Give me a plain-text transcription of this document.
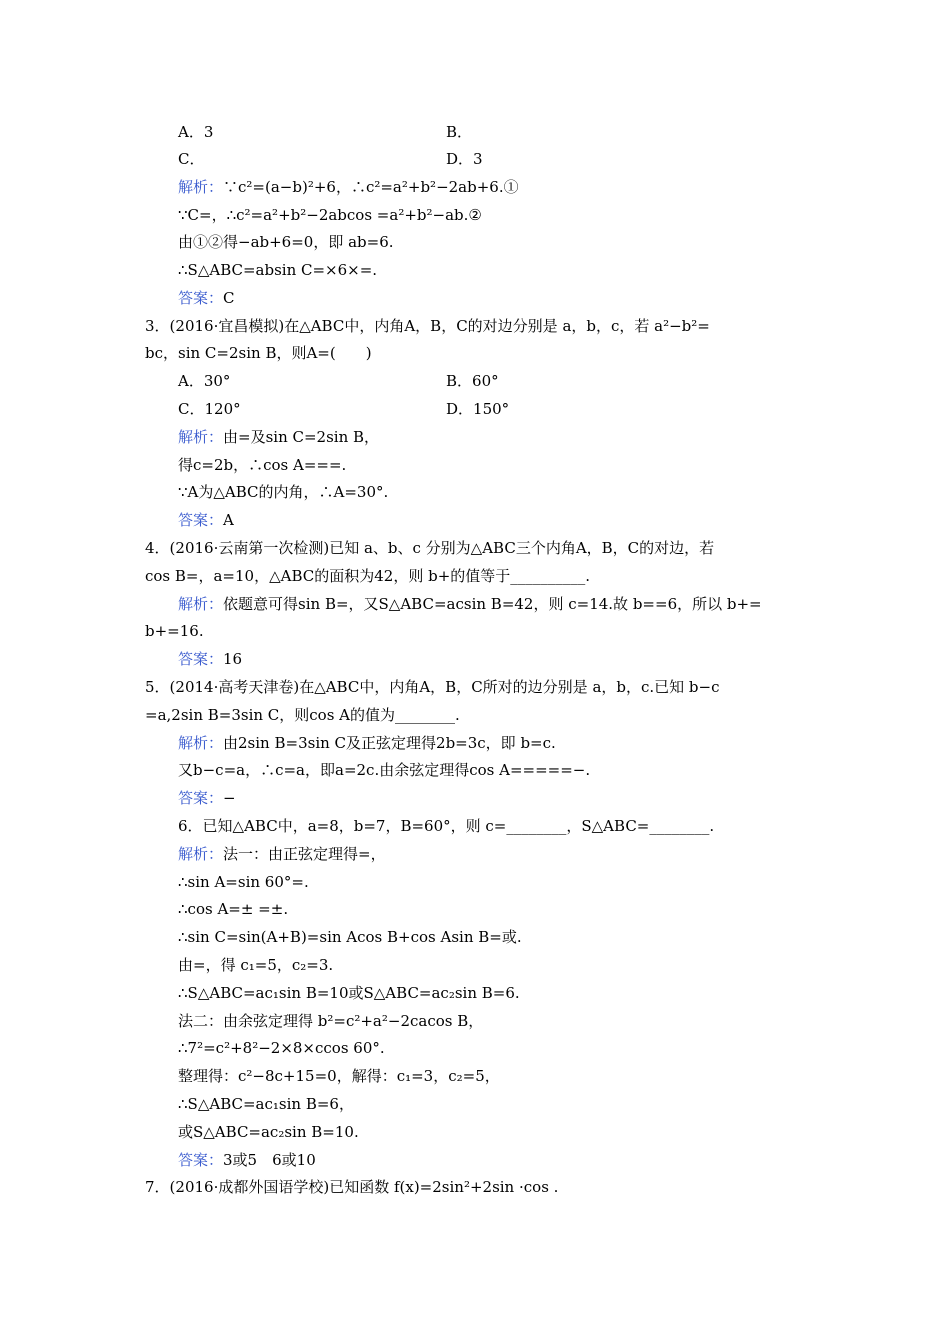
A．3	B．
C．	D．3
解析：∵c²=(a−b)²+6，∴c²=a²+b²−2ab+6.①
∵C=，∴c²=a²+b²−2abcos =a²+b²−ab.②
由①②得−ab+6=0，即 ab=6.
∴S△ABC=absin C=×6×=.
答案：C
3．(2016·宜昌模拟)在△ABC中，内角A，B，C的对边分别是 a，b，c，若 a²−b²=
bc，sin C=2sin B，则A=(　　)
A．30°	B．60°
C．120°	D．150°
解析：由=及sin C=2sin B，
得c=2b，∴cos A===.
∵A为△ABC的内角，∴A=30°.
答案：A
4．(2016·云南第一次检测)已知 a、b、c 分别为△ABC三个内角A，B，C的对边，若
cos B=，a=10，△ABC的面积为42，则 b+的值等于__________.
解析：依题意可得sin B=，又S△ABC=acsin B=42，则 c=14.故 b==6，所以 b+=
b+=16.
答案：16
5．(2014·高考天津卷)在△ABC中，内角A，B，C所对的边分别是 a，b，c.已知 b−c
=a,2sin B=3sin C，则cos A的值为________.
解析：由2sin B=3sin C及正弦定理得2b=3c，即 b=c.
又b−c=a，∴c=a，即a=2c.由余弦定理得cos A=====−.
答案：−
6．已知△ABC中，a=8，b=7，B=60°，则 c=________，S△ABC=________.
解析：法一：由正弦定理得=，
∴sin A=sin 60°=.
∴cos A=± =±.
∴sin C=sin(A+B)=sin Acos B+cos Asin B=或.
由=，得 c₁=5，c₂=3.
∴S△ABC=ac₁sin B=10或S△ABC=ac₂sin B=6.
法二：由余弦定理得 b²=c²+a²−2cacos B，
∴7²=c²+8²−2×8×ccos 60°.
整理得：c²−8c+15=0，解得：c₁=3，c₂=5，
∴S△ABC=ac₁sin B=6，
或S△ABC=ac₂sin B=10.
答案：3或5　6或10
7．(2016·成都外国语学校)已知函数 f(x)=2sin²+2sin ·cos .
